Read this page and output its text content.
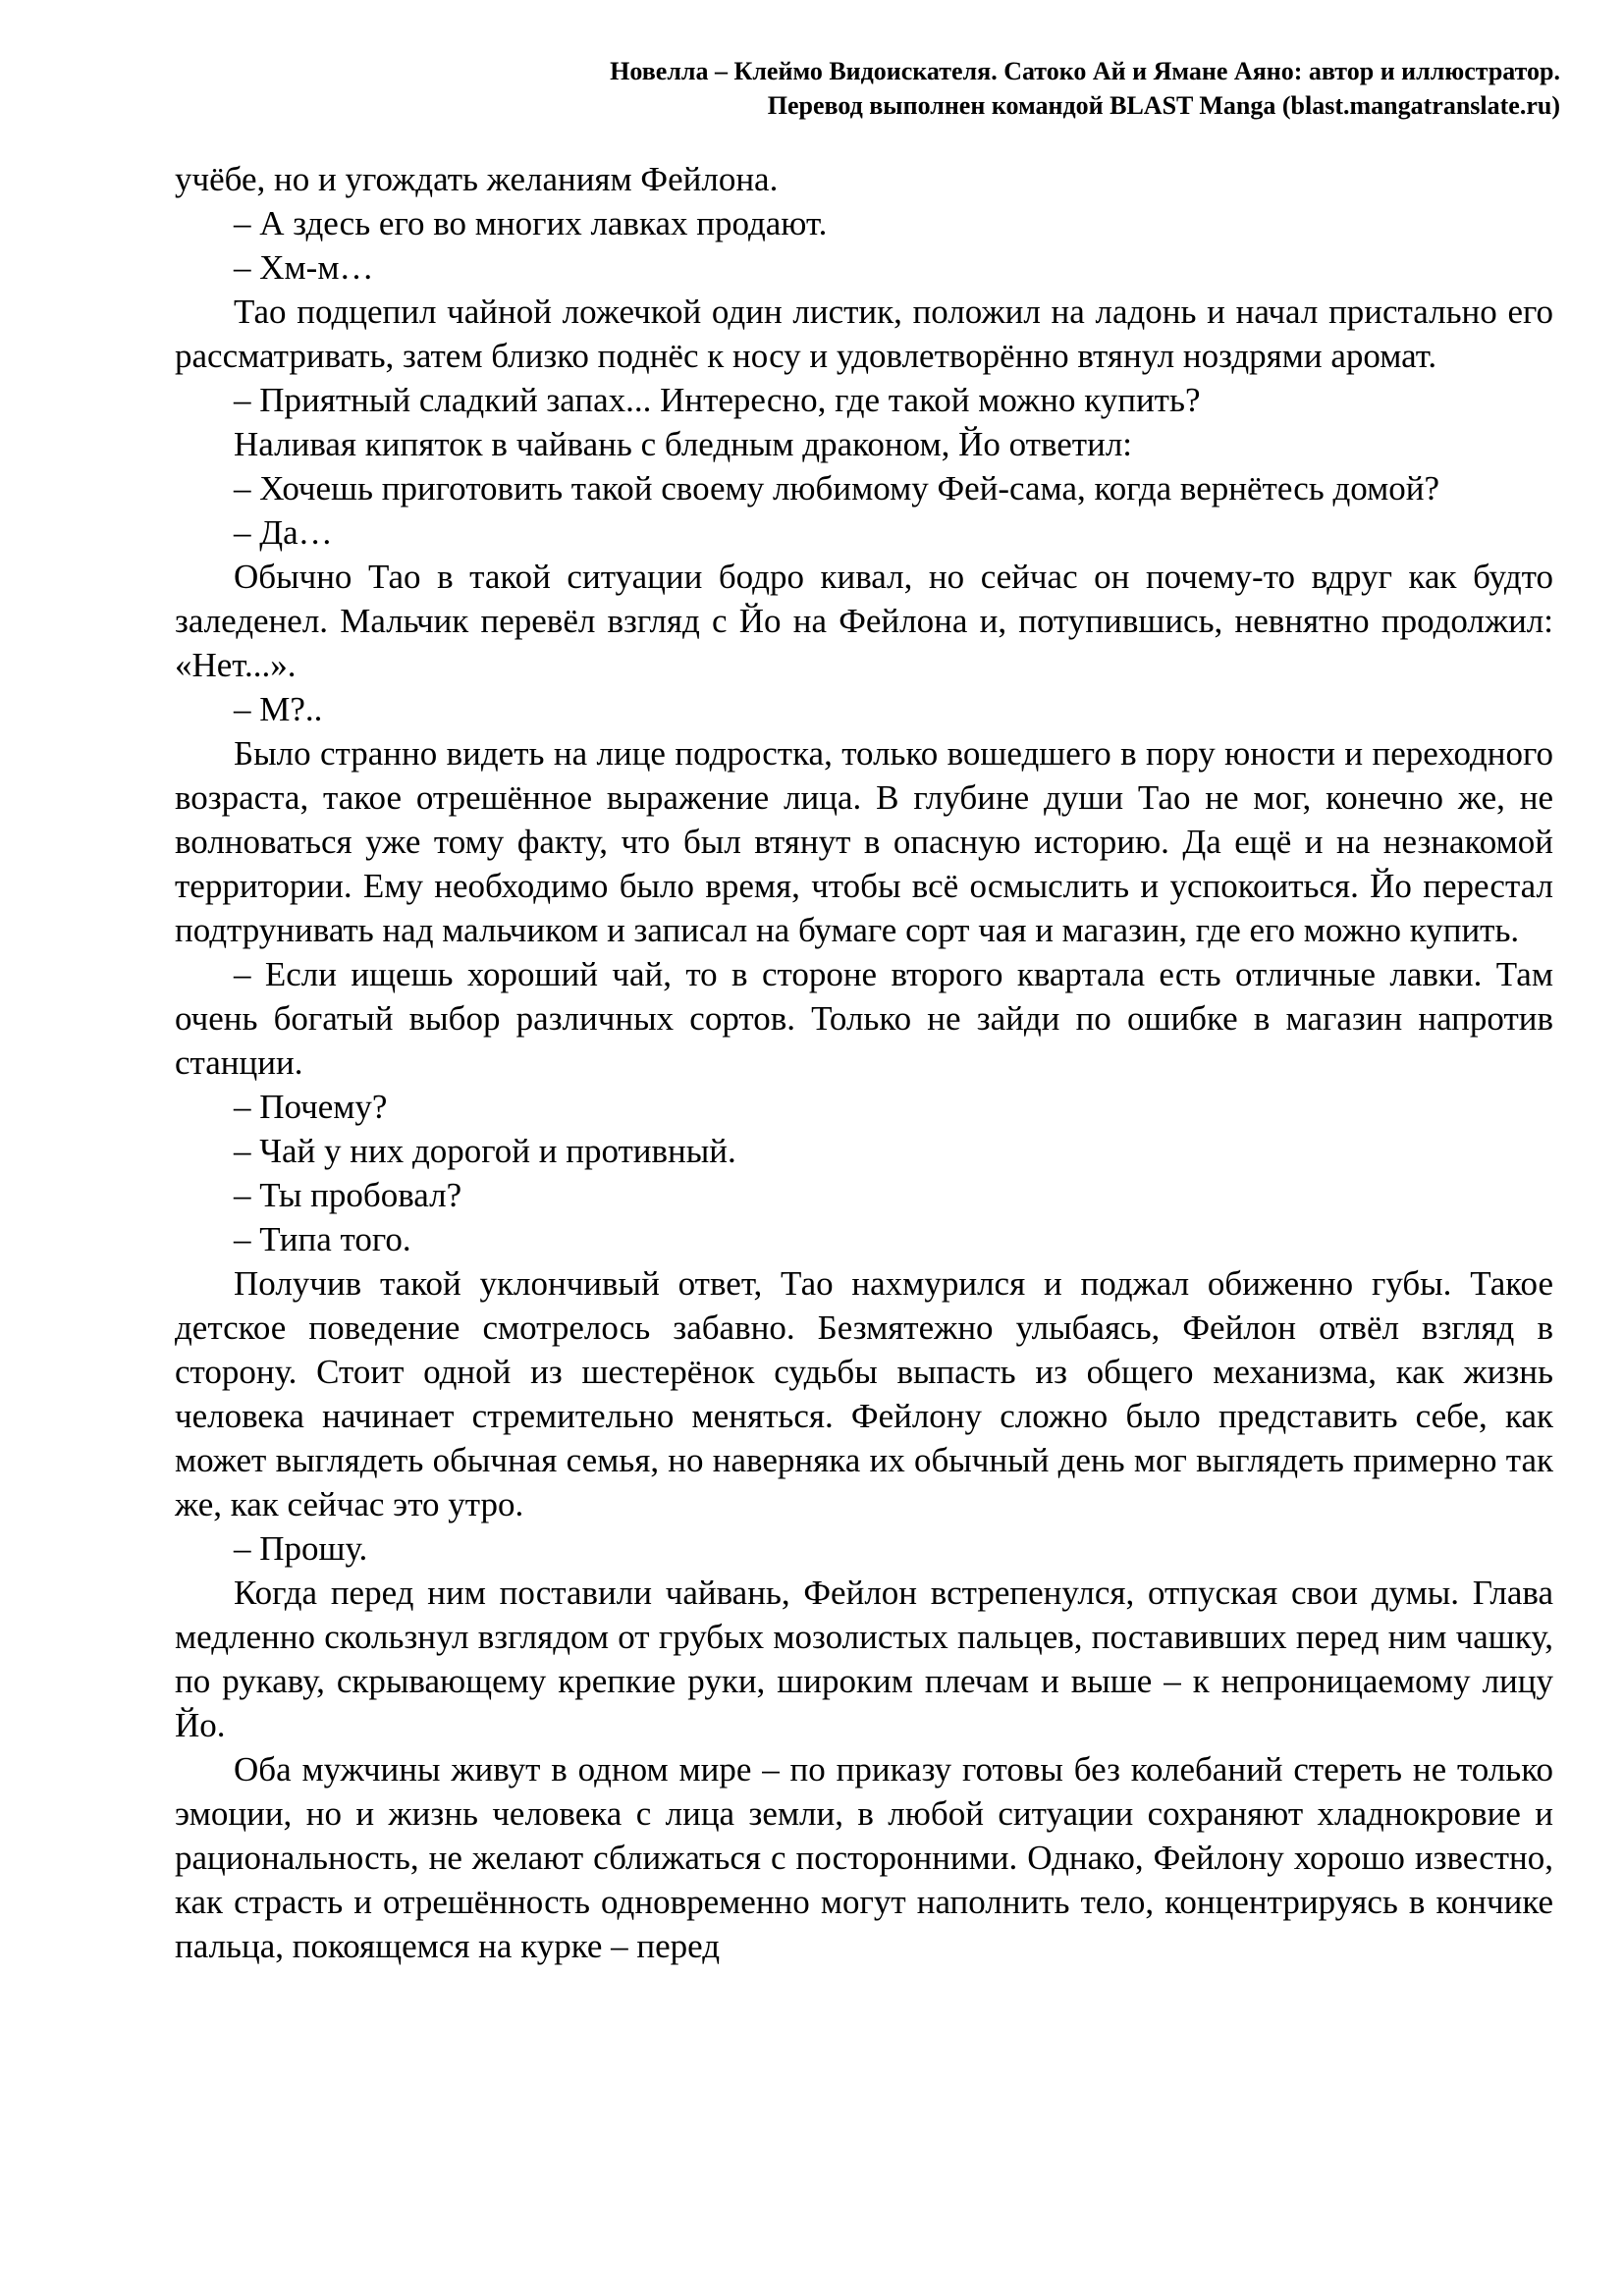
Новелла – Клеймо Видоискателя. Сатоко Ай и Ямане Аяно: автор и иллюстратор.
Перевод выполнен командой BLAST Manga (blast.mangatranslate.ru)

учёбе, но и угождать желаниям Фейлона.

– А здесь его во многих лавках продают.

– Хм-м…

Тао подцепил чайной ложечкой один листик, положил на ладонь и начал пристально его рассматривать, затем близко поднёс к носу и удовлетворённо втянул ноздрями аромат.

– Приятный сладкий запах... Интересно, где такой можно купить?

Наливая кипяток в чайвань с бледным драконом, Йо ответил:

– Хочешь приготовить такой своему любимому Фей-сама, когда вернётесь домой?

– Да…

Обычно Тао в такой ситуации бодро кивал, но сейчас он почему-то вдруг как будто заледенел. Мальчик перевёл взгляд с Йо на Фейлона и, потупившись, невнятно продолжил: «Нет...».

– М?..

Было странно видеть на лице подростка, только вошедшего в пору юности и переходного возраста, такое отрешённое выражение лица. В глубине души Тао не мог, конечно же, не волноваться уже тому факту, что был втянут в опасную историю. Да ещё и на незнакомой территории. Ему необходимо было время, чтобы всё осмыслить и успокоиться. Йо перестал подтрунивать над мальчиком и записал на бумаге сорт чая и магазин, где его можно купить.

– Если ищешь хороший чай, то в стороне второго квартала есть отличные лавки. Там очень богатый выбор различных сортов. Только не зайди по ошибке в магазин напротив станции.

– Почему?

– Чай у них дорогой и противный.

– Ты пробовал?

– Типа того.

Получив такой уклончивый ответ, Тао нахмурился и поджал обиженно губы. Такое детское поведение смотрелось забавно. Безмятежно улыбаясь, Фейлон отвёл взгляд в сторону. Стоит одной из шестерёнок судьбы выпасть из общего механизма, как жизнь человека начинает стремительно меняться. Фейлону сложно было представить себе, как может выглядеть обычная семья, но наверняка их обычный день мог выглядеть примерно так же, как сейчас это утро.

– Прошу.

Когда перед ним поставили чайвань, Фейлон встрепенулся, отпуская свои думы. Глава медленно скользнул взглядом от грубых мозолистых пальцев, поставивших перед ним чашку, по рукаву, скрывающему крепкие руки, широким плечам и выше – к непроницаемому лицу Йо.

Оба мужчины живут в одном мире – по приказу готовы без колебаний стереть не только эмоции, но и жизнь человека с лица земли, в любой ситуации сохраняют хладнокровие и рациональность, не желают сближаться с посторонними. Однако, Фейлону хорошо известно, как страсть и отрешённость одновременно могут наполнить тело, концентрируясь в кончике пальца, покоящемся на курке – перед
